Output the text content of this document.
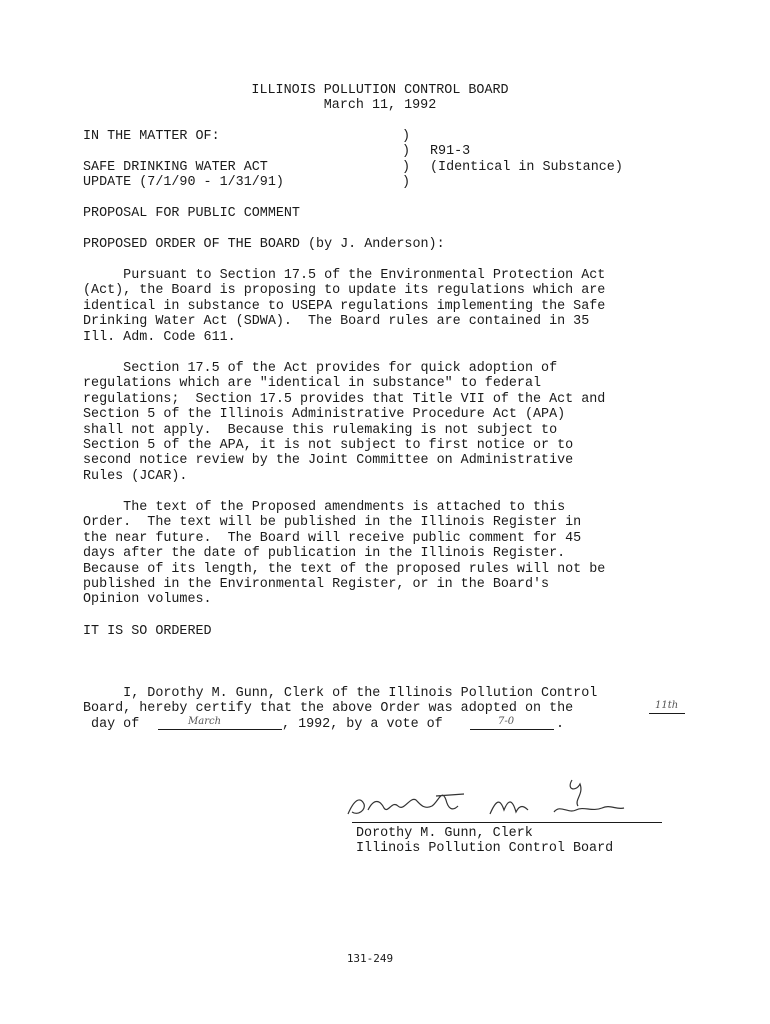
ILLINOIS POLLUTION CONTROL BOARD
March 11, 1992
IN THE MATTER OF:
SAFE DRINKING WATER ACT
UPDATE (7/1/90 - 1/31/91)
)
)
)
)
R91-3
(Identical in Substance)
PROPOSAL FOR PUBLIC COMMENT
PROPOSED ORDER OF THE BOARD (by J. Anderson):
Pursuant to Section 17.5 of the Environmental Protection Act
(Act), the Board is proposing to update its regulations which are
identical in substance to USEPA regulations implementing the Safe
Drinking Water Act (SDWA).  The Board rules are contained in 35
Ill. Adm. Code 611.
Section 17.5 of the Act provides for quick adoption of
regulations which are "identical in substance" to federal
regulations;  Section 17.5 provides that Title VII of the Act and
Section 5 of the Illinois Administrative Procedure Act (APA)
shall not apply.  Because this rulemaking is not subject to
Section 5 of the APA, it is not subject to first notice or to
second notice review by the Joint Committee on Administrative
Rules (JCAR).
The text of the Proposed amendments is attached to this
Order.  The text will be published in the Illinois Register in
the near future.  The Board will receive public comment for 45
days after the date of publication in the Illinois Register.
Because of its length, the text of the proposed rules will not be
published in the Environmental Register, or in the Board's
Opinion volumes.
IT IS SO ORDERED
I, Dorothy M. Gunn, Clerk of the Illinois Pollution Control
Board, hereby certify that the above Order was adopted on the	11th
day of	March	, 1992, by a vote of	7-0	.
Dorothy M. Gunn, Clerk
Illinois Pollution Control Board
131-249
